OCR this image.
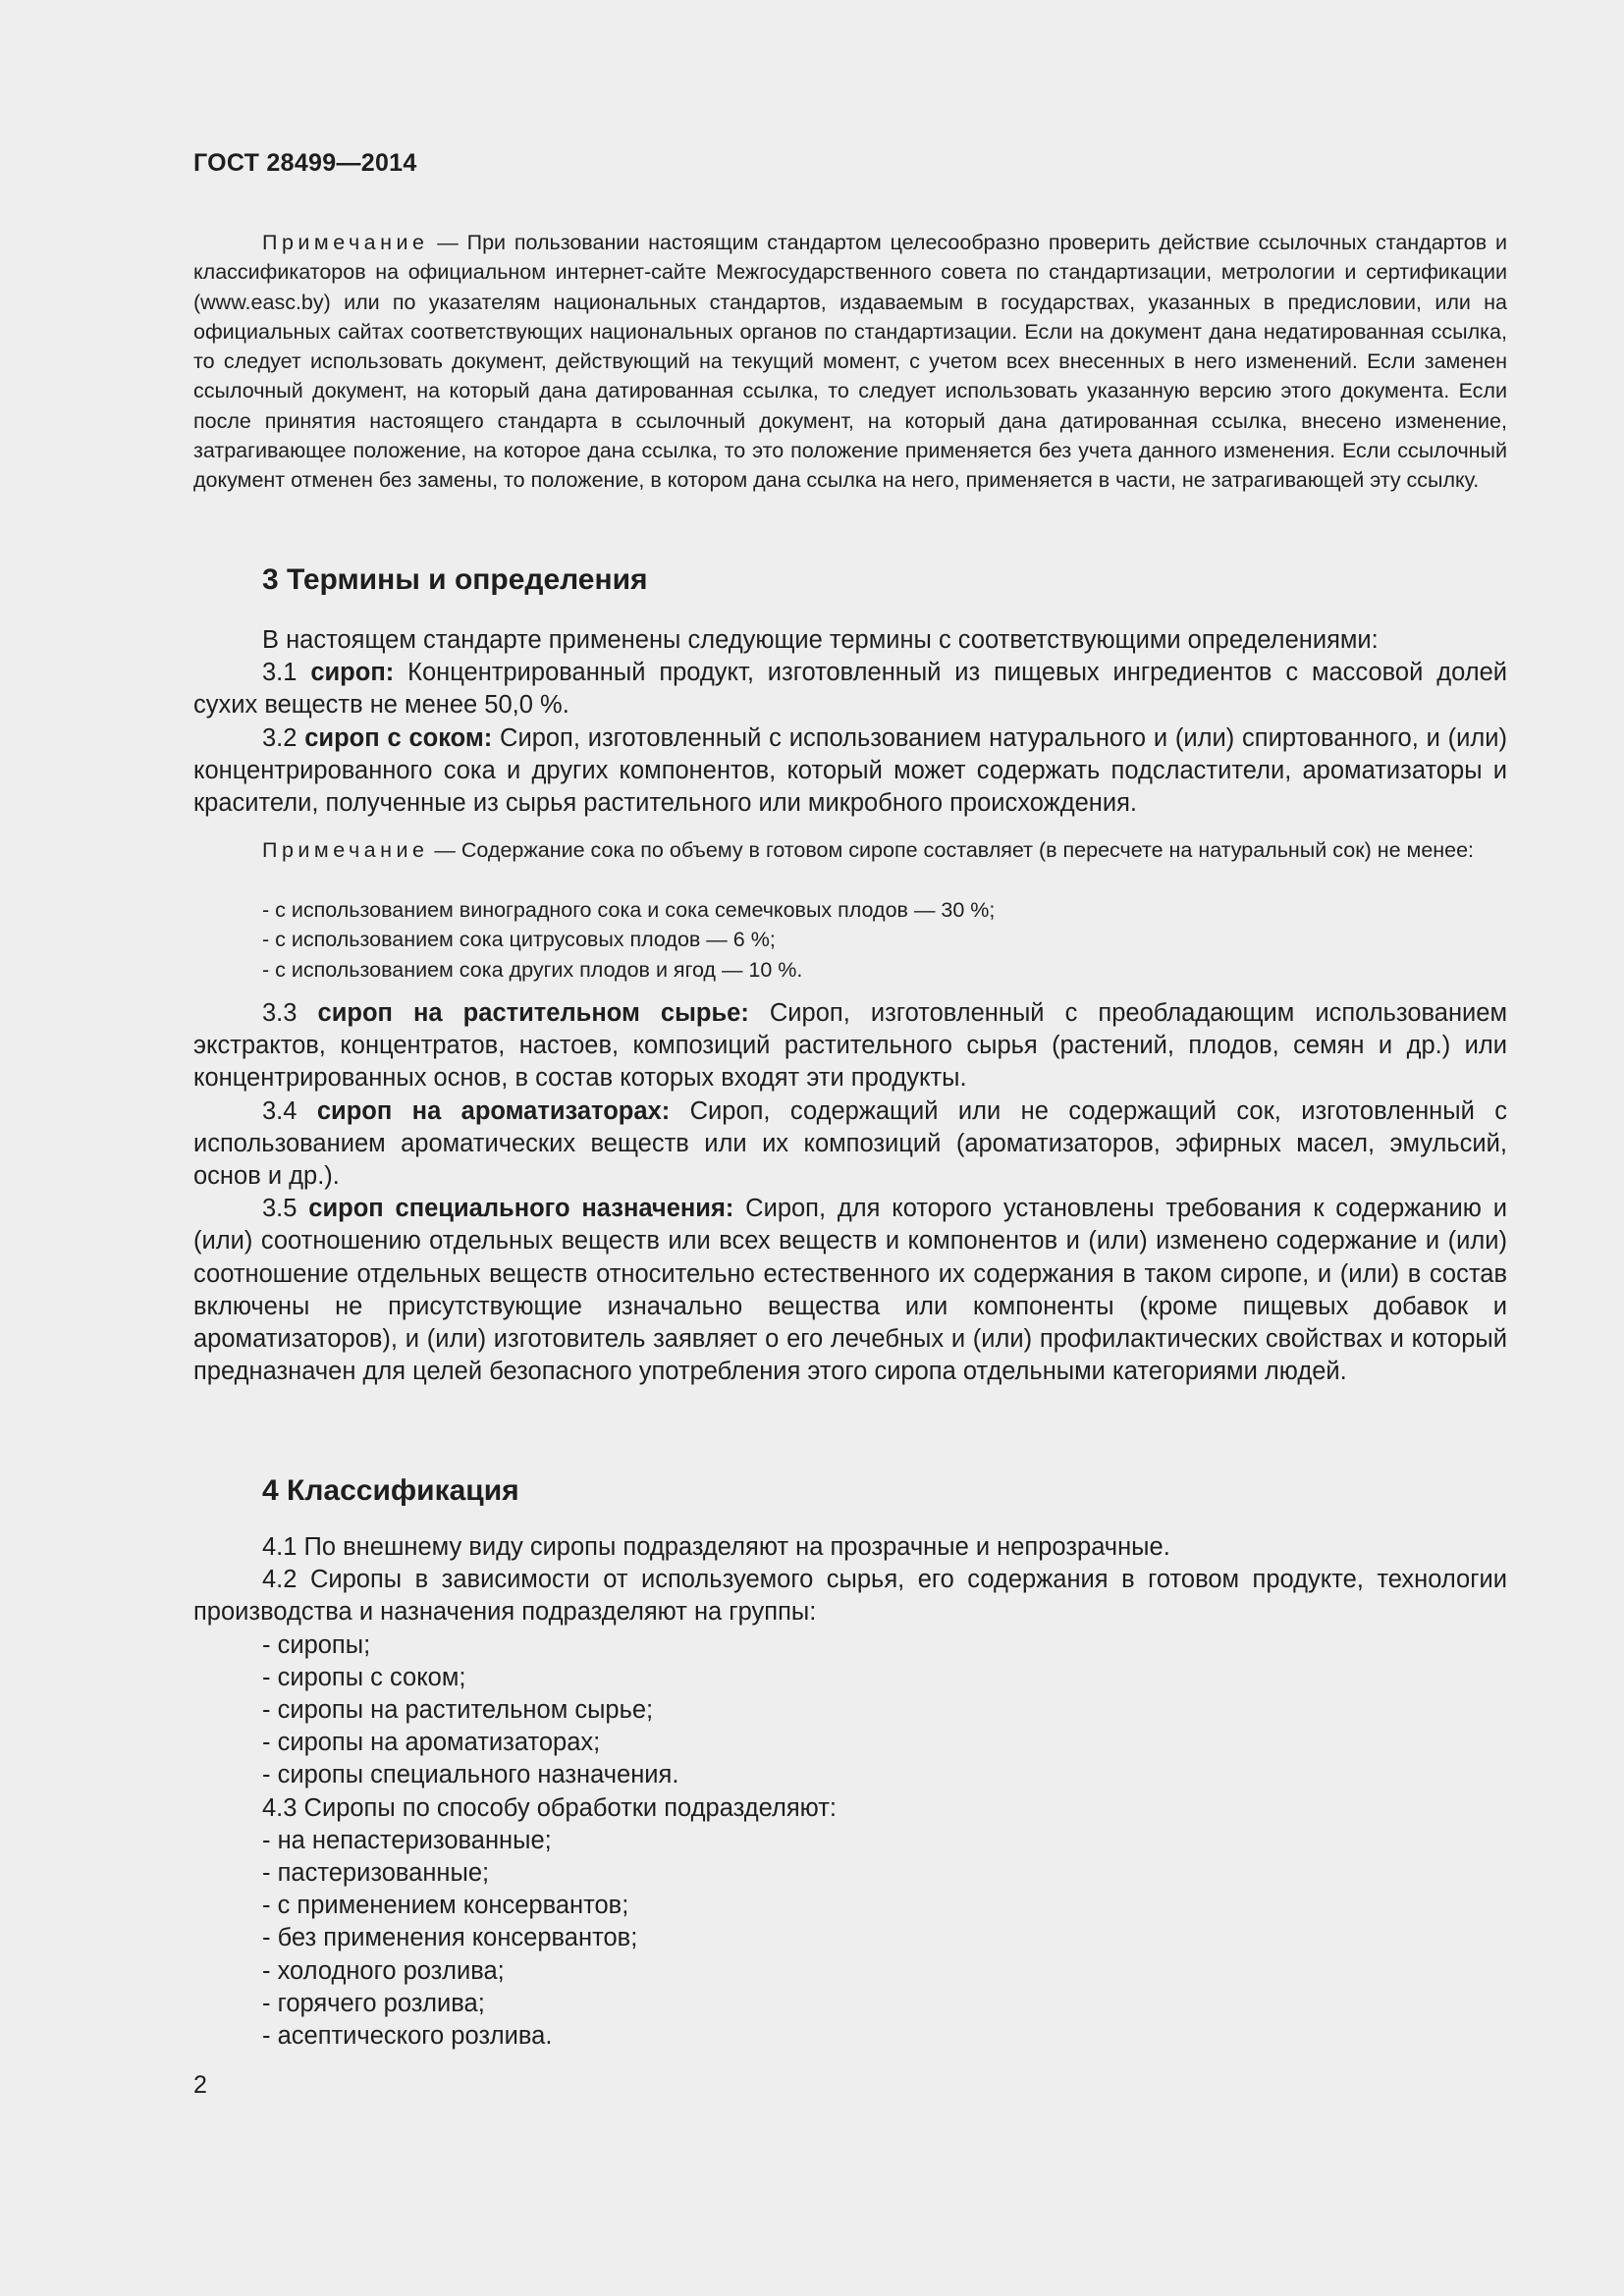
ГОСТ 28499—2014

Примечание — При пользовании настоящим стандартом целесообразно проверить действие ссылочных стандартов и классификаторов на официальном интернет-сайте Межгосударственного совета по стандартизации, метрологии и сертификации (www.easc.by) или по указателям национальных стандартов, издаваемым в государствах, указанных в предисловии, или на официальных сайтах соответствующих национальных органов по стандартизации. Если на документ дана недатированная ссылка, то следует использовать документ, действующий на текущий момент, с учетом всех внесенных в него изменений. Если заменен ссылочный документ, на который дана датированная ссылка, то следует использовать указанную версию этого документа. Если после принятия настоящего стандарта в ссылочный документ, на который дана датированная ссылка, внесено изменение, затрагивающее положение, на которое дана ссылка, то это положение применяется без учета данного изменения. Если ссылочный документ отменен без замены, то положение, в котором дана ссылка на него, применяется в части, не затрагивающей эту ссылку.

3 Термины и определения

В настоящем стандарте применены следующие термины с соответствующими определениями:

3.1 сироп: Концентрированный продукт, изготовленный из пищевых ингредиентов с массовой долей сухих веществ не менее 50,0 %.

3.2 сироп с соком: Сироп, изготовленный с использованием натурального и (или) спиртованного, и (или) концентрированного сока и других компонентов, который может содержать подсластители, ароматизаторы и красители, полученные из сырья растительного или микробного происхождения.

Примечание — Содержание сока по объему в готовом сиропе составляет (в пересчете на натуральный сок) не менее:

- с использованием виноградного сока и сока семечковых плодов — 30 %;
- с использованием сока цитрусовых плодов — 6 %;
- с использованием сока других плодов и ягод — 10 %.

3.3 сироп на растительном сырье: Сироп, изготовленный с преобладающим использованием экстрактов, концентратов, настоев, композиций растительного сырья (растений, плодов, семян и др.) или концентрированных основ, в состав которых входят эти продукты.

3.4 сироп на ароматизаторах: Сироп, содержащий или не содержащий сок, изготовленный с использованием ароматических веществ или их композиций (ароматизаторов, эфирных масел, эмульсий, основ и др.).

3.5 сироп специального назначения: Сироп, для которого установлены требования к содержанию и (или) соотношению отдельных веществ или всех веществ и компонентов и (или) изменено содержание и (или) соотношение отдельных веществ относительно естественного их содержания в таком сиропе, и (или) в состав включены не присутствующие изначально вещества или компоненты (кроме пищевых добавок и ароматизаторов), и (или) изготовитель заявляет о его лечебных и (или) профилактических свойствах и который предназначен для целей безопасного употребления этого сиропа отдельными категориями людей.

4 Классификация

4.1 По внешнему виду сиропы подразделяют на прозрачные и непрозрачные.

4.2 Сиропы в зависимости от используемого сырья, его содержания в готовом продукте, технологии производства и назначения подразделяют на группы:

- сиропы;
- сиропы с соком;
- сиропы на растительном сырье;
- сиропы на ароматизаторах;
- сиропы специального назначения.

4.3 Сиропы по способу обработки подразделяют:

- на непастеризованные;
- пастеризованные;
- с применением консервантов;
- без применения консервантов;
- холодного розлива;
- горячего розлива;
- асептического розлива.
2
